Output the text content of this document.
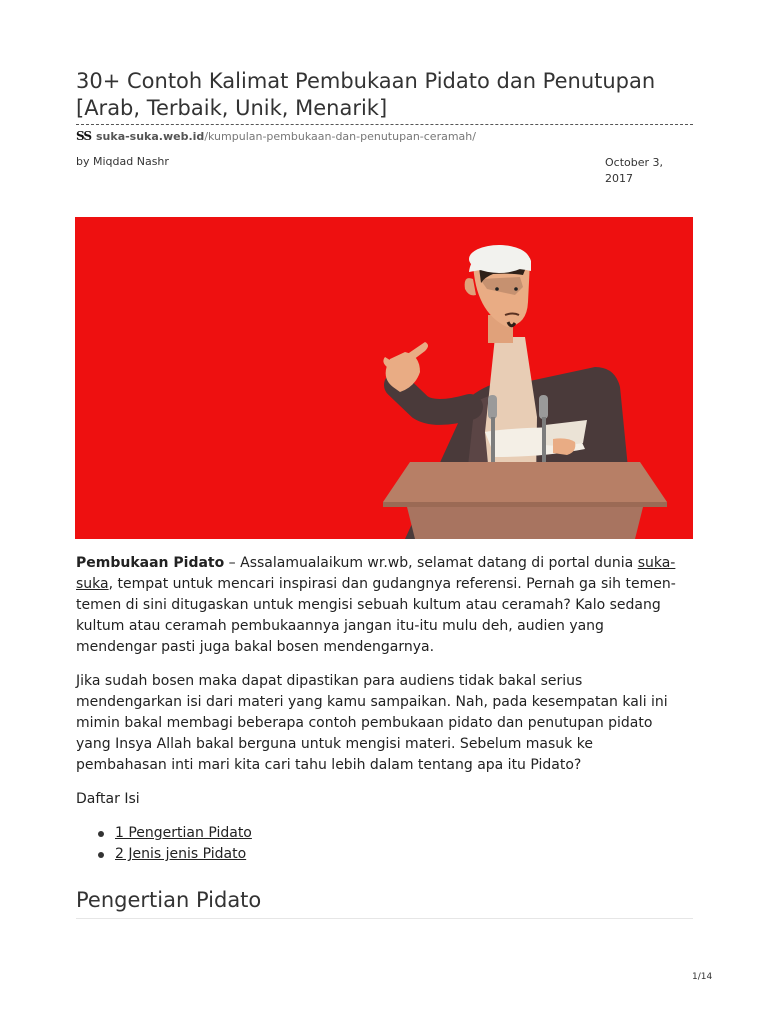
30+ Contoh Kalimat Pembukaan Pidato dan Penutupan [Arab, Terbaik, Unik, Menarik]
SS suka-suka.web.id/kumpulan-pembukaan-dan-penutupan-ceramah/
by Miqdad Nashr	October 3, 2017

Pembukaan Pidato – Assalamualaikum wr.wb, selamat datang di portal dunia suka-suka, tempat untuk mencari inspirasi dan gudangnya referensi. Pernah ga sih temen-temen di sini ditugaskan untuk mengisi sebuah kultum atau ceramah? Kalo sedang kultum atau ceramah pembukaannya jangan itu-itu mulu deh, audien yang mendengar pasti juga bakal bosen mendengarnya.

Jika sudah bosen maka dapat dipastikan para audiens tidak bakal serius mendengarkan isi dari materi yang kamu sampaikan. Nah, pada kesempatan kali ini mimin bakal membagi beberapa contoh pembukaan pidato dan penutupan pidato yang Insya Allah bakal berguna untuk mengisi materi. Sebelum masuk ke pembahasan inti mari kita cari tahu lebih dalam tentang apa itu Pidato?

Daftar Isi
1 Pengertian Pidato
2 Jenis jenis Pidato
Pengertian Pidato
1/14
